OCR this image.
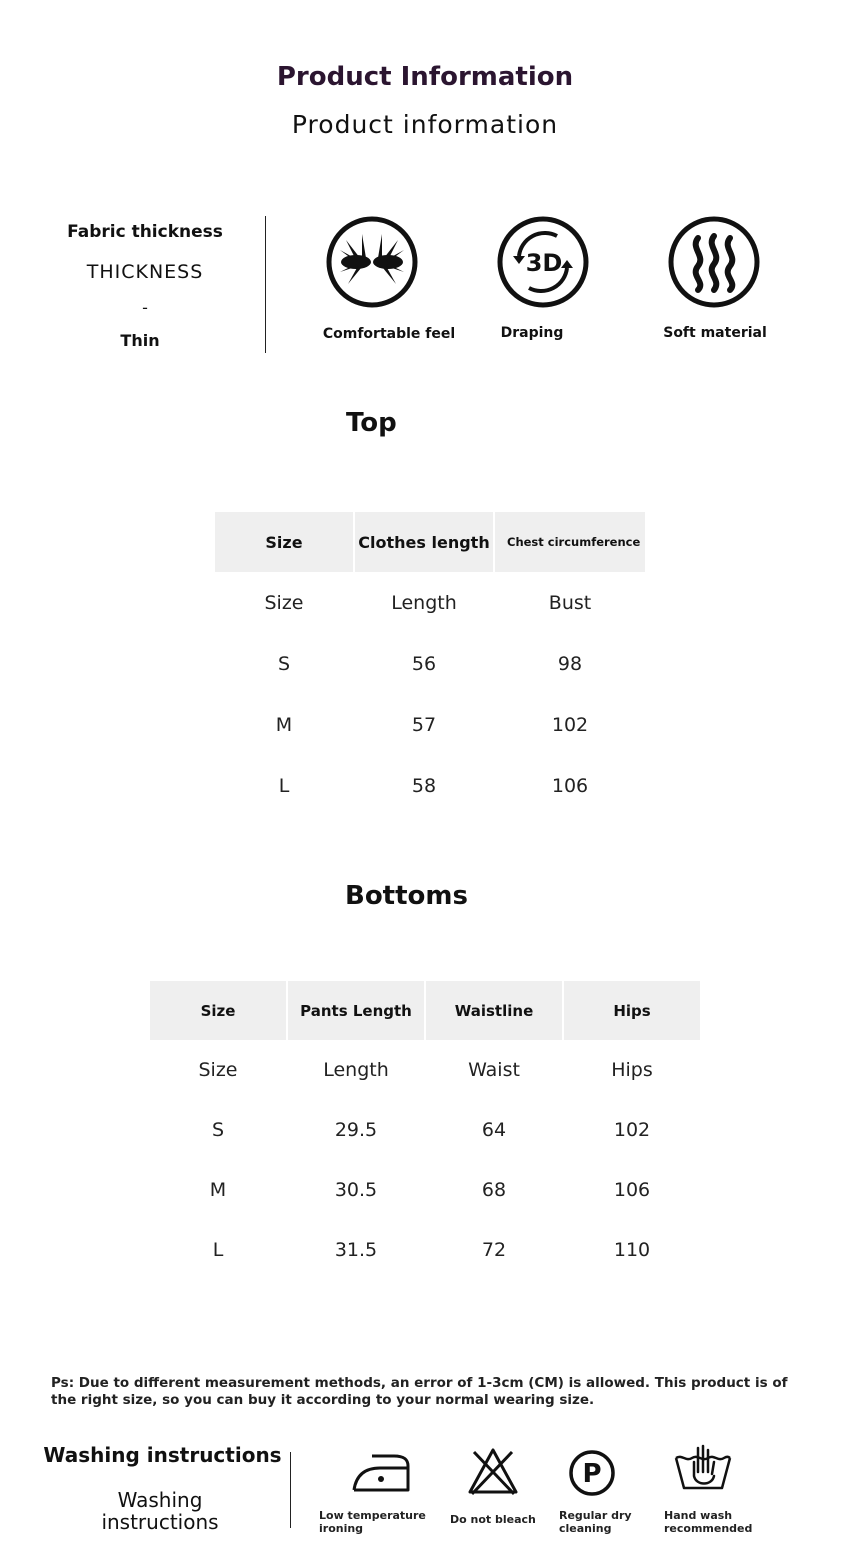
Product Information
Product information
Fabric thickness
THICKNESS
-
Thin	Comfortable feel
3D
Draping	Soft material
Top
Size	Clothes length	Chest circumference
Size	Length	Bust
S	56	98
M	57	102
L	58	106
Bottoms
Size	Pants Length	Waistline	Hips
Size	Length	Waist	Hips
S	29.5	64	102
M	30.5	68	106
L	31.5	72	110
Ps: Due to different measurement methods, an error of 1-3cm (CM) is allowed. This product is of the right size, so you can buy it according to your normal wearing size.
Washing instructions
Washing instructions	Low temperature ironing
Do not bleach
P
Regular dry cleaning
Hand wash recommended
